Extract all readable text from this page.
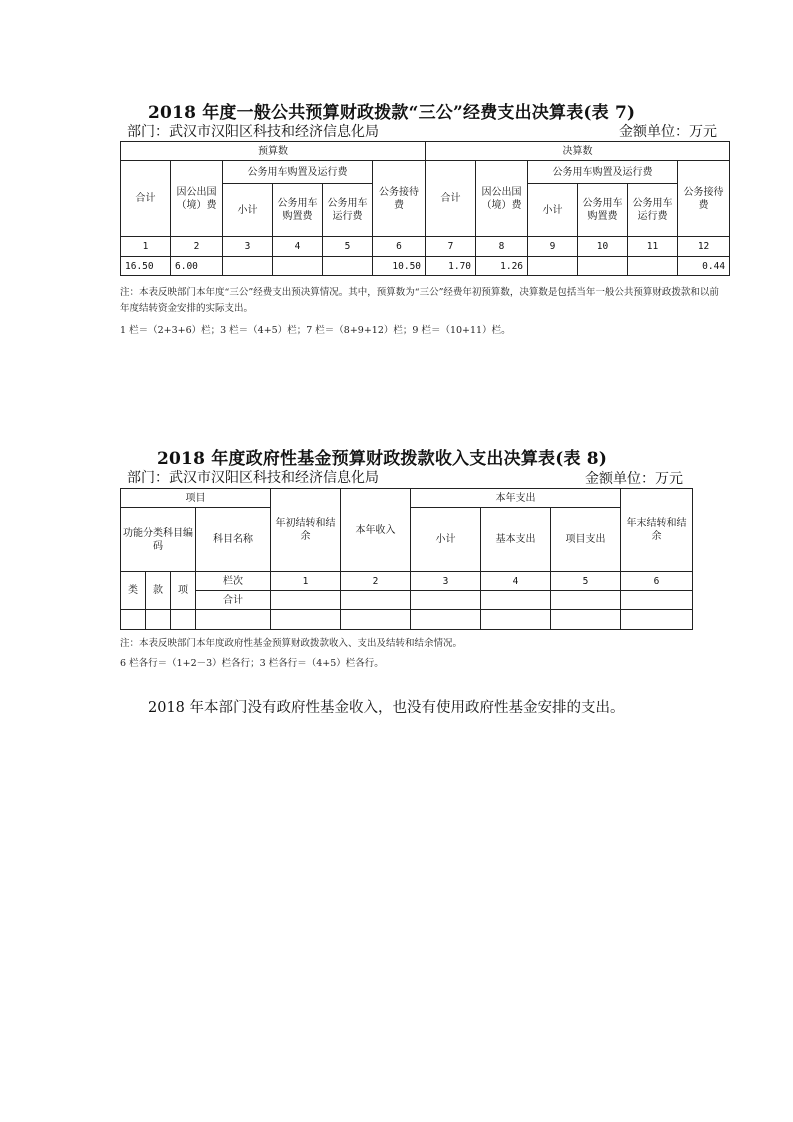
2018 年度一般公共预算财政拨款“三公”经费支出决算表(表 7)
部门：武汉市汉阳区科技和经济信息化局	金额单位：万元
预算数						决算数					
合计	因公出国（境）费	公务用车购置及运行费			公务接待费	合计	因公出国（境）费	公务用车购置及运行费			公务接待费
		小计	公务用车购置费	公务用车运行费				小计	公务用车购置费	公务用车运行费	
1	2	3	4	5	6	7	8	9	10	11	12
16.50	6.00				10.50	1.70	1.26				0.44
注：本表反映部门本年度“三公”经费支出预决算情况。其中，预算数为“三公”经费年初预算数，决算数是包括当年一般公共预算财政拨款和以前年度结转资金安排的实际支出。
1 栏＝（2+3+6）栏；3 栏＝（4+5）栏；7 栏＝（8+9+12）栏；9 栏＝（10+11）栏。
2018 年度政府性基金预算财政拨款收入支出决算表(表 8)
部门：武汉市汉阳区科技和经济信息化局	金额单位：万元
项目				年初结转和结余	本年收入	本年支出			年末结转和结余
功能分类科目编码			科目名称			小计	基本支出	项目支出	
类	款	项	栏次	1	2	3	4	5	6
			合计						

注：本表反映部门本年度政府性基金预算财政拨款收入、支出及结转和结余情况。
6 栏各行＝（1+2－3）栏各行；3 栏各行＝（4+5）栏各行。
2018 年本部门没有政府性基金收入，也没有使用政府性基金安排的支出。
